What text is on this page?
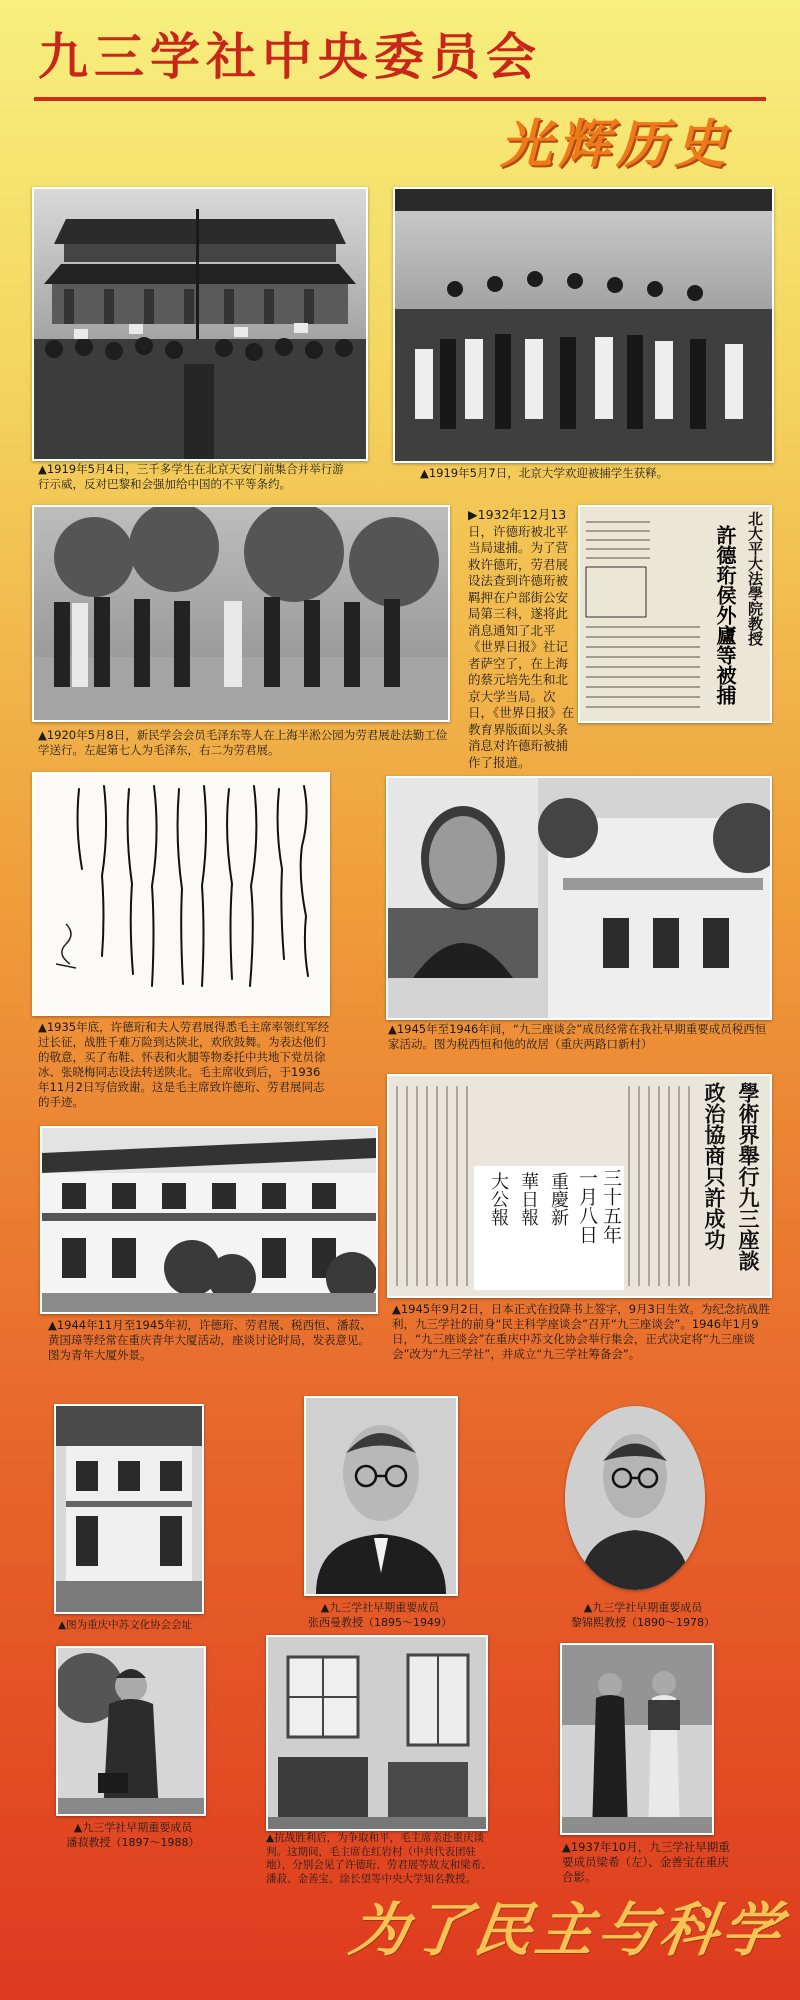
九三学社中央委员会
光辉历史
▲1919年5月4日，三千多学生在北京天安门前集合并举行游行示威，反对巴黎和会强加给中国的不平等条约。
▲1919年5月7日，北京大学欢迎被捕学生获释。
▲1920年5月8日，新民学会会员毛泽东等人在上海半淞公园为劳君展赴法勤工俭学送行。左起第七人为毛泽东，右二为劳君展。
▶1932年12月13日，许德珩被北平当局逮捕。为了营救许德珩，劳君展设法查到许德珩被羁押在户部街公安局第三科，遂将此消息通知了北平《世界日报》社记者萨空了，在上海的蔡元培先生和北京大学当局。次日，《世界日报》在教育界版面以头条消息对许德珩被捕作了报道。
北大平大法學院教授
許德珩侯外廬等被捕
▲1935年底，许德珩和夫人劳君展得悉毛主席率领红军经过长征，战胜千难万险到达陕北，欢欣鼓舞。为表达他们的敬意，买了布鞋、怀表和火腿等物委托中共地下党员徐冰、张晓梅同志设法转送陕北。毛主席收到后，于1936年11月2日写信致谢。这是毛主席致许德珩、劳君展同志的手迹。
▲1945年至1946年间，“九三座谈会”成员经常在我社早期重要成员税西恒家活动。图为税西恒和他的故居（重庆两路口新村）
▲1944年11月至1945年初，许德珩、劳君展、税西恒、潘菽、黄国璋等经常在重庆青年大厦活动，座谈讨论时局，发表意见。图为青年大厦外景。
學術界舉行九三座談
政治協商只許成功
三十五年
一月八日
重慶新
華日報
大公報
▲1945年9月2日，日本正式在投降书上签字，9月3日生效。为纪念抗战胜利，九三学社的前身“民主科学座谈会”召开“九三座谈会”。1946年1月9日，“九三座谈会”在重庆中苏文化协会举行集会，正式决定将“九三座谈会”改为“九三学社”，并成立“九三学社筹备会”。
▲图为重庆中苏文化协会会址
▲九三学社早期重要成员
张西曼教授（1895～1949）
▲九三学社早期重要成员
黎锦熙教授（1890～1978）
▲九三学社早期重要成员
潘菽教授（1897～1988）	▲抗战胜利后，为争取和平，毛主席亲赴重庆谈判。这期间，毛主席在红岩村（中共代表团驻地），分别会见了许德珩、劳君展等故友和梁希、潘菽、金善宝、涂长望等中央大学知名教授。
▲1937年10月，九三学社早期重要成员梁希（左）、金善宝在重庆合影。
为了民主与科学
